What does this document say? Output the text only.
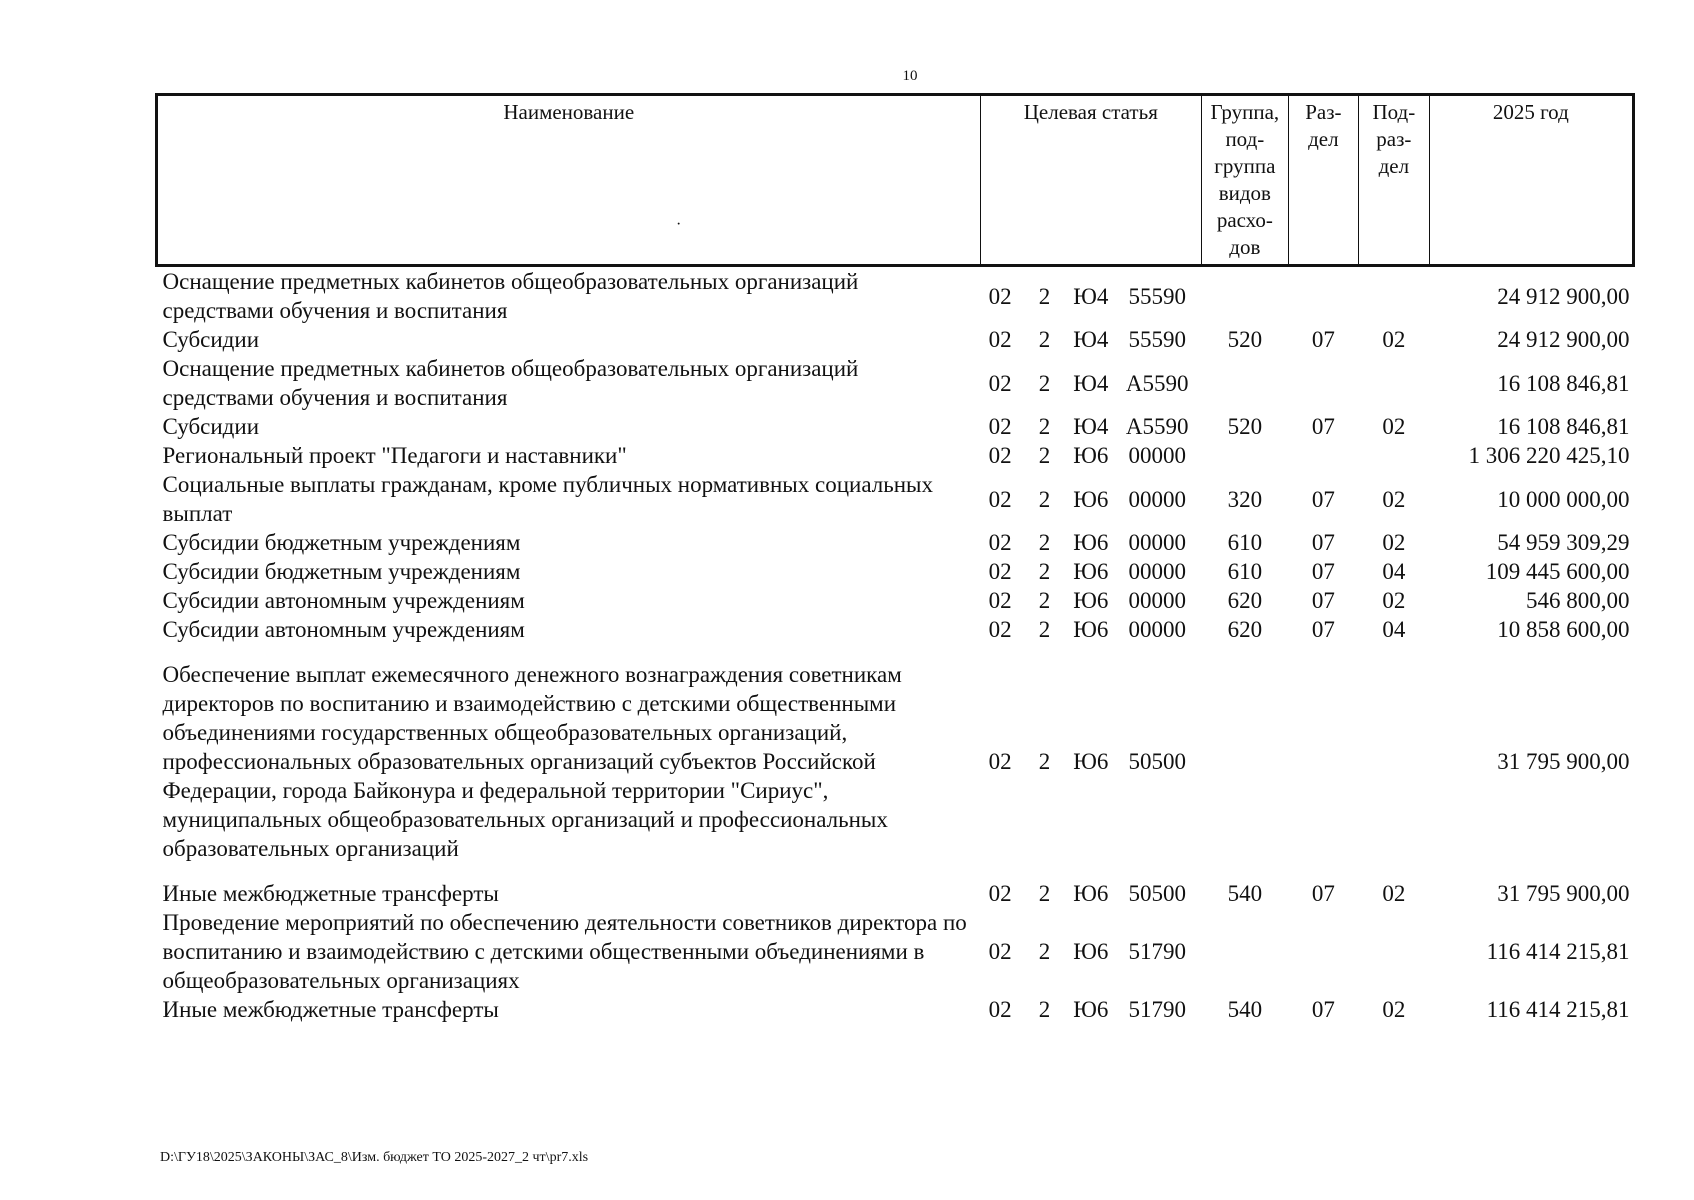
10
·
Наименование	Целевая статья				Группа, под-группа видов расхо-дов	Раз-дел	Под-раз-дел	2025 год
Оснащение предметных кабинетов общеобразовательных организаций средствами обучения и воспитания	02	2	Ю4	55590				24 912 900,00
Субсидии	02	2	Ю4	55590	520	07	02	24 912 900,00
Оснащение предметных кабинетов общеобразовательных организаций средствами обучения и воспитания	02	2	Ю4	А5590				16 108 846,81
Субсидии	02	2	Ю4	А5590	520	07	02	16 108 846,81
Региональный проект "Педагоги и наставники"	02	2	Ю6	00000				1 306 220 425,10
Социальные выплаты гражданам, кроме публичных нормативных социальных выплат	02	2	Ю6	00000	320	07	02	10 000 000,00
Субсидии бюджетным учреждениям	02	2	Ю6	00000	610	07	02	54 959 309,29
Субсидии бюджетным учреждениям	02	2	Ю6	00000	610	07	04	109 445 600,00
Субсидии автономным учреждениям	02	2	Ю6	00000	620	07	02	546 800,00
Субсидии автономным учреждениям	02	2	Ю6	00000	620	07	04	10 858 600,00
Обеспечение выплат ежемесячного денежного вознаграждения советникам директоров по воспитанию и взаимодействию с детскими общественными объединениями государственных общеобразовательных организаций, профессиональных образовательных организаций субъектов Российской Федерации, города Байконура и федеральной территории "Сириус", муниципальных общеобразовательных организаций и профессиональных образовательных организаций	02	2	Ю6	50500				31 795 900,00
Иные межбюджетные трансферты	02	2	Ю6	50500	540	07	02	31 795 900,00
Проведение мероприятий по обеспечению деятельности советников директора по воспитанию и взаимодействию с детскими общественными объединениями в общеобразовательных организациях	02	2	Ю6	51790				116 414 215,81
Иные межбюджетные трансферты	02	2	Ю6	51790	540	07	02	116 414 215,81
D:\ГУ18\2025\ЗАКОНЫ\ЗАС_8\Изм. бюджет ТО 2025-2027_2 чт\pr7.xls
